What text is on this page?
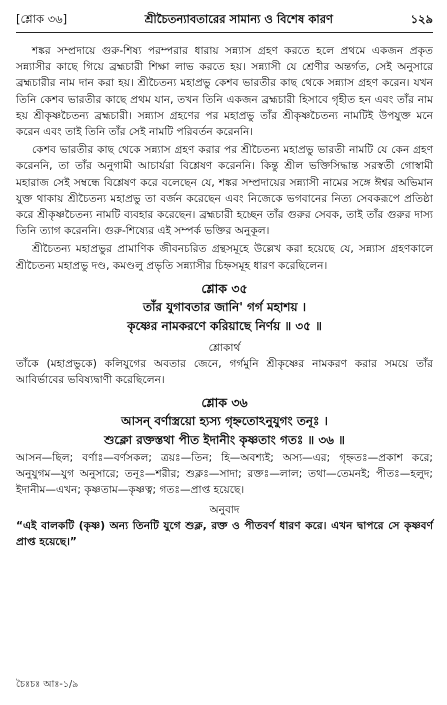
[শ্লোক ৩৬]	শ্রীচৈতন্যাবতারের সামান্য ও বিশেষ কারণ	১২৯

শঙ্কর সম্প্রদায়ে গুরু-শিষ্য পরম্পরার ধারায় সন্ন্যাস গ্রহণ করতে হলে প্রথমে একজন প্রকৃত সন্ন্যাসীর কাছে গিয়ে ব্রহ্মচারী শিক্ষা লাভ করতে হয়। সন্ন্যাসী যে শ্রেণীর অন্তর্গত, সেই অনুসারে ব্রহ্মচারীর নাম দান করা হয়। শ্রীচৈতন্য মহাপ্রভু কেশব ভারতীর কাছ থেকে সন্ন্যাস গ্রহণ করেন। যখন তিনি কেশব ভারতীর কাছে প্রথম যান, তখন তিনি একজন ব্রহ্মচারী হিসাবে গৃহীত হন এবং তাঁর নাম হয় শ্রীকৃষ্ণচৈতন্য ব্রহ্মচারী। সন্ন্যাস গ্রহণের পর মহাপ্রভু তাঁর শ্রীকৃষ্ণচৈতন্য নামটিই উপযুক্ত মনে করেন এবং তাই তিনি তাঁর সেই নামটি পরিবর্তন করেননি।

কেশব ভারতীর কাছ থেকে সন্ন্যাস গ্রহণ করার পর শ্রীচৈতন্য মহাপ্রভু ভারতী নামটি যে কেন গ্রহণ করেননি, তা তাঁর অনুগামী আচার্যরা বিশ্লেষণ করেননি। কিন্তু শ্রীল ভক্তিসিদ্ধান্ত সরস্বতী গোস্বামী মহারাজ সেই সম্বন্ধে বিশ্লেষণ করে বলেছেন যে, শঙ্কর সম্প্রদায়ের সন্ন্যাসী নামের সঙ্গে ঈশ্বর অভিমান যুক্ত থাকায় শ্রীচৈতন্য মহাপ্রভু তা বর্জন করেছেন এবং নিজেকে ভগবানের নিত্য সেবকরূপে প্রতিষ্ঠা করে শ্রীকৃষ্ণচৈতন্য নামটি ব্যবহার করেছেন। ব্রহ্মচারী হচ্ছেন তাঁর গুরুর সেবক, তাই তাঁর গুরুর দাস্য তিনি ত্যাগ করেননি। গুরু-শিষ্যের এই সম্পর্ক ভক্তির অনুকূল।

শ্রীচৈতন্য মহাপ্রভুর প্রামাণিক জীবনচরিত গ্রন্থসমূহে উল্লেখ করা হয়েছে যে, সন্ন্যাস গ্রহণকালে শ্রীচৈতন্য মহাপ্রভু দণ্ড, কমণ্ডলু প্রভৃতি সন্ন্যাসীর চিহ্নসমূহ ধারণ করেছিলেন।

শ্লোক ৩৫
তাঁর যুগাবতার জানি' গর্গ মহাশয় ।
কৃষ্ণের নামকরণে করিয়াছে নির্ণয় ॥ ৩৫ ॥
শ্লোকার্থ

তাঁকে (মহাপ্রভুকে) কলিযুগের অবতার জেনে, গর্গমুনি শ্রীকৃষ্ণের নামকরণ করার সময়ে তাঁর আবির্ভাবের ভবিষ্যদ্বাণী করেছিলেন।

শ্লোক ৩৬
আসন্ বর্ণাস্ত্রয়ো হ্যস্য গৃহ্নতোঽনুযুগং তনূঃ ।
শুক্লো রক্তস্তথা পীত ইদানীং কৃষ্ণতাং গতঃ ॥ ৩৬ ॥

আসন—ছিল; বর্ণাঃ—বর্ণসকল; ত্রয়ঃ—তিন; হি—অবশ্যই; অস্য—এর; গৃহ্নতঃ—প্রকাশ করে; অনুযুগম—যুগ অনুসারে; তনূঃ—শরীর; শুক্লঃ—সাদা; রক্তঃ—লাল; তথা—তেমনই; পীতঃ—হলুদ; ইদানীম—এখন; কৃষ্ণতাম—কৃষ্ণত্ব; গতঃ—প্রাপ্ত হয়েছে।

অনুবাদ

“এই বালকটি (কৃষ্ণ) অন্য তিনটি যুগে শুক্ল, রক্ত ও পীতবর্ণ ধারণ করে। এখন দ্বাপরে সে কৃষ্ণবর্ণ প্রাপ্ত হয়েছে।”

চৈঃচঃ আঃ-১/৯
